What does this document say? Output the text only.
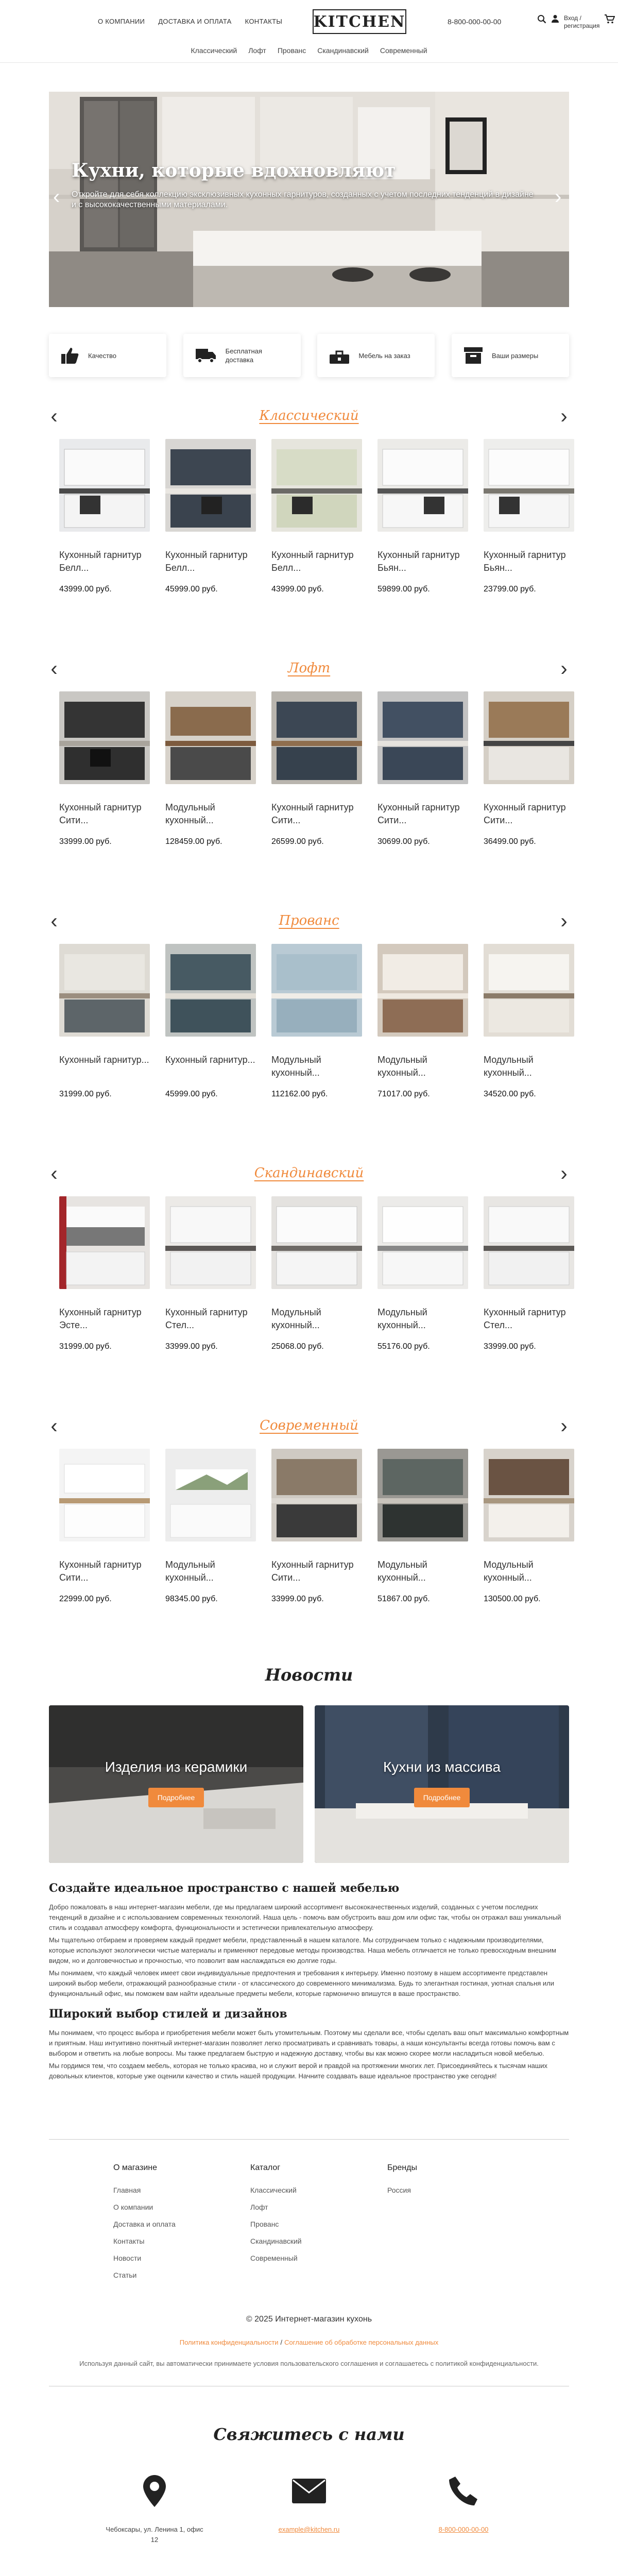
О КОМПАНИИ ДОСТАВКА И ОПЛАТА КОНТАКТЫ KITCHEN	8-800-000-00-00	Вход /
регистрация
Классический Лофт Прованс Скандинавский Современный
Кухни, которые вдохновляют

Откройте для себя коллекцию эксклюзивных кухонных гарнитуров, созданных с учетом последних тенденций в дизайне и с высококачественными материалами.

‹	›
Качество
Бесплатная доставка
Мебель на заказ	Ваши размеры
Классический
‹	›
Кухонный гарнитур Белл...
43999.00 руб.
Кухонный гарнитур Белл...
45999.00 руб.
Кухонный гарнитур Белл...
43999.00 руб.
Кухонный гарнитур Бьян...
59899.00 руб.
Кухонный гарнитур Бьян...
23799.00 руб.
Лофт
‹	›
Кухонный гарнитур Сити...
33999.00 руб.
Модульный кухонный...
128459.00 руб.
Кухонный гарнитур Сити...
26599.00 руб.
Кухонный гарнитур Сити...
30699.00 руб.
Кухонный гарнитур Сити...
36499.00 руб.
Прованс
‹	›
Кухонный гарнитур...
31999.00 руб.
Кухонный гарнитур...
45999.00 руб.
Модульный кухонный...
112162.00 руб.
Модульный кухонный...
71017.00 руб.
Модульный кухонный...
34520.00 руб.
Скандинавский
‹	›
Кухонный гарнитур Эсте...
31999.00 руб.
Кухонный гарнитур Стел...
33999.00 руб.
Модульный кухонный...
25068.00 руб.
Модульный кухонный...
55176.00 руб.
Кухонный гарнитур Стел...
33999.00 руб.
Современный
‹	›
Кухонный гарнитур Сити...
22999.00 руб.
Модульный кухонный...
98345.00 руб.
Кухонный гарнитур Сити...
33999.00 руб.
Модульный кухонный...
51867.00 руб.
Модульный кухонный...
130500.00 руб.
Новости
Изделия из керамики
Подробнее
Кухни из массива
Подробнее
Создайте идеальное пространство с нашей мебелью

Добро пожаловать в наш интернет-магазин мебели, где мы предлагаем широкий ассортимент высококачественных изделий, созданных с учетом последних тенденций в дизайне и с использованием современных технологий. Наша цель - помочь вам обустроить ваш дом или офис так, чтобы он отражал ваш уникальный стиль и создавал атмосферу комфорта, функциональности и эстетически привлекательную атмосферу.

Мы тщательно отбираем и проверяем каждый предмет мебели, представленный в нашем каталоге. Мы сотрудничаем только с надежными производителями, которые используют экологически чистые материалы и применяют передовые методы производства. Наша мебель отличается не только превосходным внешним видом, но и долговечностью и прочностью, что позволит вам наслаждаться ею долгие годы.

Мы понимаем, что каждый человек имеет свои индивидуальные предпочтения и требования к интерьеру. Именно поэтому в нашем ассортименте представлен широкий выбор мебели, отражающий разнообразные стили - от классического до современного минимализма. Будь то элегантная гостиная, уютная спальня или функциональный офис, мы поможем вам найти идеальные предметы мебели, которые гармонично впишутся в ваше пространство.

Широкий выбор стилей и дизайнов

Мы понимаем, что процесс выбора и приобретения мебели может быть утомительным. Поэтому мы сделали все, чтобы сделать ваш опыт максимально комфортным и приятным. Наш интуитивно понятный интернет-магазин позволяет легко просматривать и сравнивать товары, а наши консультанты всегда готовы помочь вам с выбором и ответить на любые вопросы. Мы также предлагаем быструю и надежную доставку, чтобы вы как можно скорее могли насладиться новой мебелью.

Мы гордимся тем, что создаем мебель, которая не только красива, но и служит верой и правдой на протяжении многих лет. Присоединяйтесь к тысячам наших довольных клиентов, которые уже оценили качество и стиль нашей продукции. Начните создавать ваше идеальное пространство уже сегодня!

О магазине
Главная
О компании
Доставка и оплата
Контакты
Новости
Статьи
Каталог
Классический
Лофт
Прованс
Скандинавский
Современный
Бренды
Россия
© 2025 Интернет-магазин кухонь
Политика конфиденциальности / Соглашение об обработке персональных данных
Используя данный сайт, вы автоматически принимаете условия пользовательского соглашения и соглашаетесь с политикой конфиденциальности.
Свяжитесь с нами
Чебоксары, ул. Ленина 1, офис 12
example@kitchen.ru	8-800-000-00-00
